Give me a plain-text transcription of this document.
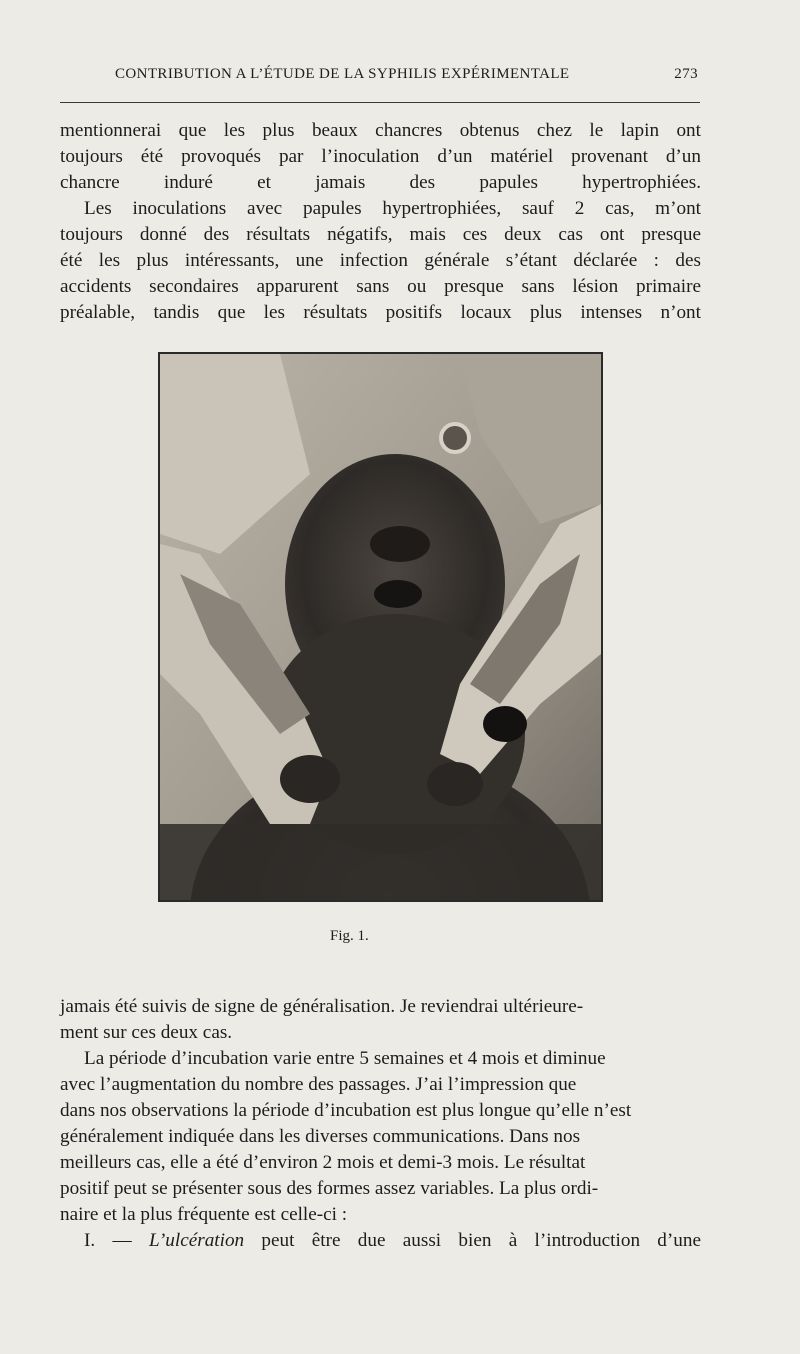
CONTRIBUTION A L’ÉTUDE DE LA SYPHILIS EXPÉRIMENTALE	273

mentionnerai que les plus beaux chancres obtenus chez le lapin ont
toujours été provoqués par l’inoculation d’un matériel provenant d’un
chancre induré et jamais des papules hypertrophiées.

Les inoculations avec papules hypertrophiées, sauf 2 cas, m’ont
toujours donné des résultats négatifs, mais ces deux cas ont presque
été les plus intéressants, une infection générale s’étant déclarée : des
accidents secondaires apparurent sans ou presque sans lésion primaire
préalable, tandis que les résultats positifs locaux plus intenses n’ont

Fig. 1.

jamais été suivis de signe de généralisation. Je reviendrai ultérieure-
ment sur ces deux cas.

La période d’incubation varie entre 5 semaines et 4 mois et diminue
avec l’augmentation du nombre des passages. J’ai l’impression que
dans nos observations la période d’incubation est plus longue qu’elle n’est
généralement indiquée dans les diverses communications. Dans nos
meilleurs cas, elle a été d’environ 2 mois et demi-3 mois. Le résultat
positif peut se présenter sous des formes assez variables. La plus ordi-
naire et la plus fréquente est celle-ci :

I. — L’ulcération peut être due aussi bien à l’introduction d’une
